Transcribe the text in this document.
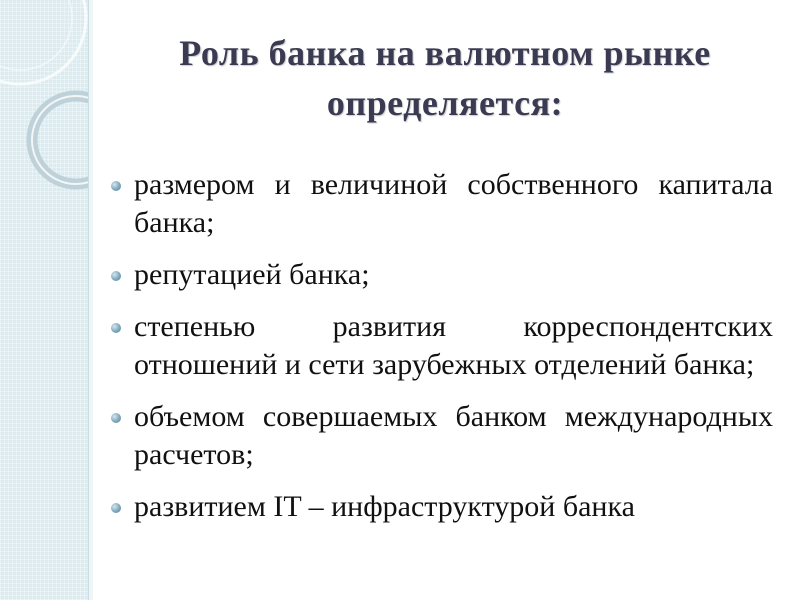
Роль банка на валютном рынке определяется:
размером и величиной собственного капитала банка;
репутацией банка;
степенью развития корреспондентских отношений и сети зарубежных отделений банка;
объемом совершаемых банком международных расчетов;
развитием IT – инфраструктурой банка
